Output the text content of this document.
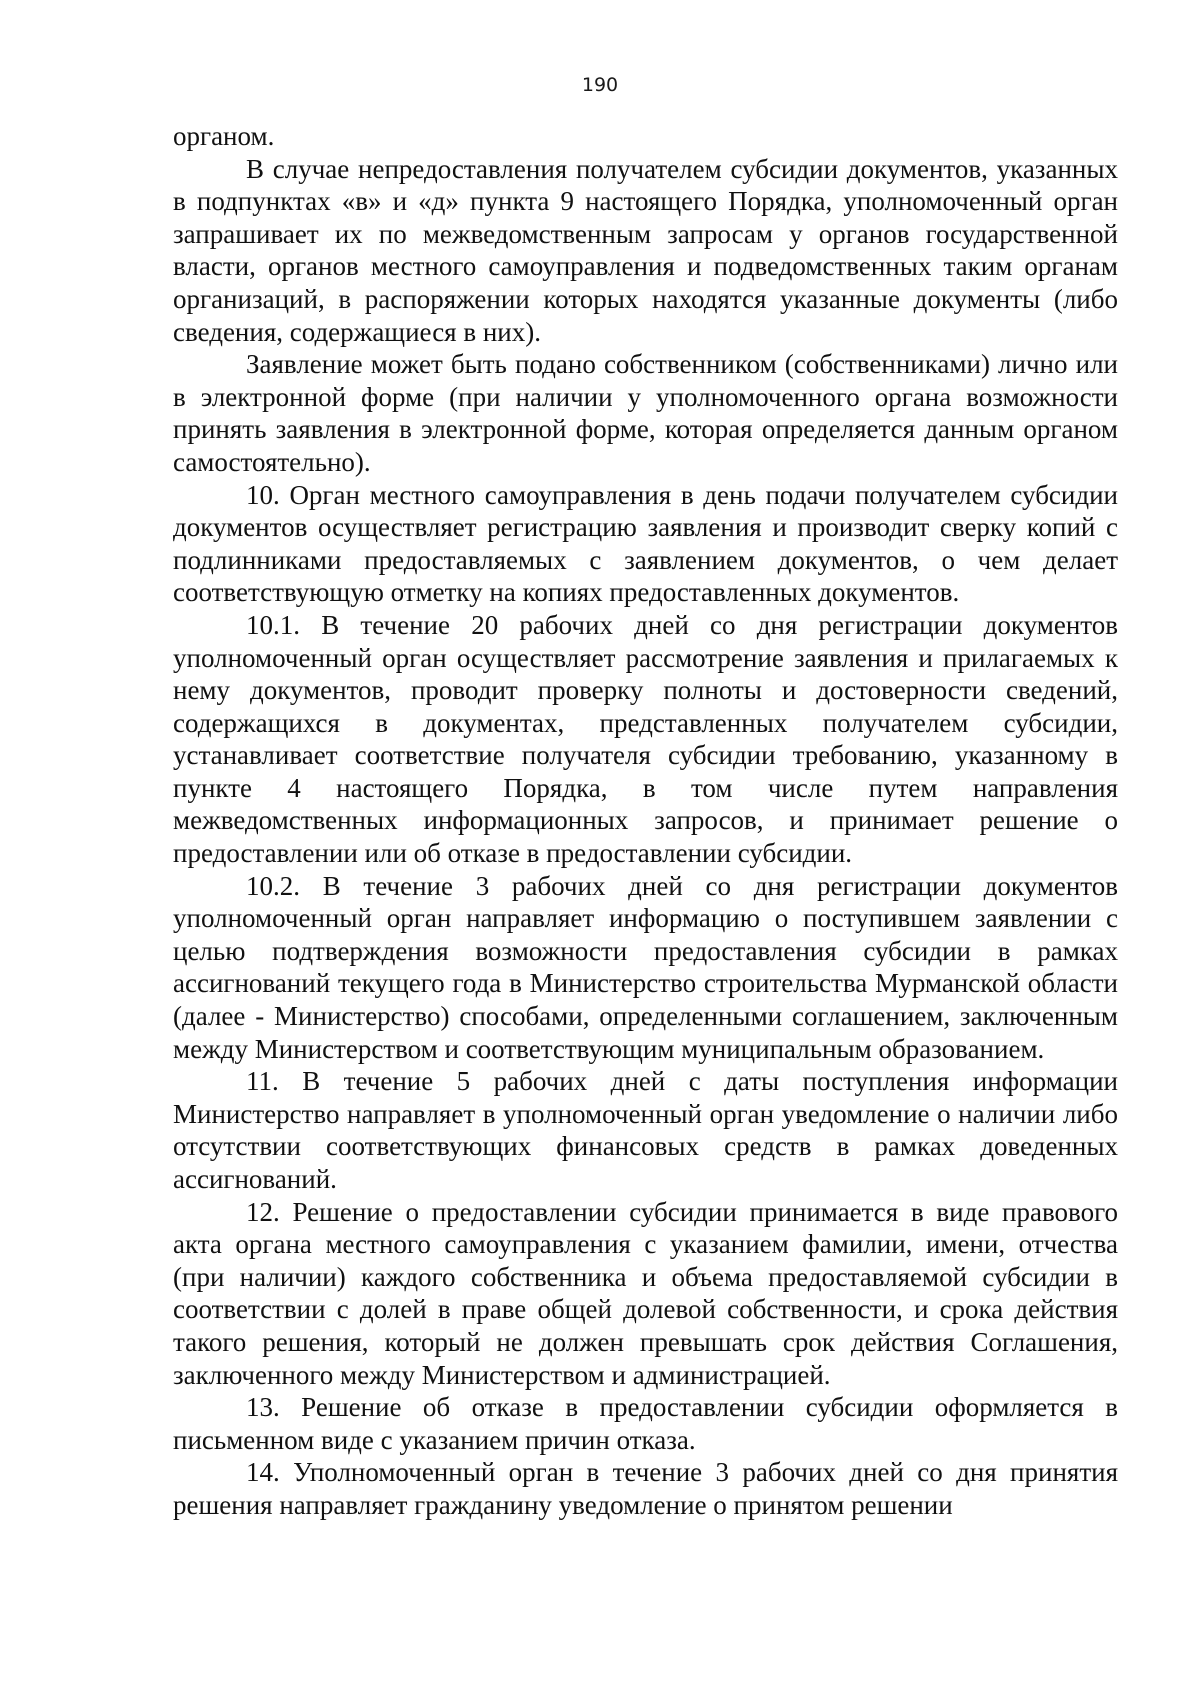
190

органом.

В случае непредоставления получателем субсидии документов, указанных в подпунктах «в» и «д» пункта 9 настоящего Порядка, уполномоченный орган запрашивает их по межведомственным запросам у органов государственной власти, органов местного самоуправления и подведомственных таким органам организаций, в распоряжении которых находятся указанные документы (либо сведения, содержащиеся в них).

Заявление может быть подано собственником (собственниками) лично или в электронной форме (при наличии у уполномоченного органа возможности принять заявления в электронной форме, которая определяется данным органом самостоятельно).

10. Орган местного самоуправления в день подачи получателем субсидии документов осуществляет регистрацию заявления и производит сверку копий с подлинниками предоставляемых с заявлением документов, о чем делает соответствующую отметку на копиях предоставленных документов.

10.1. В течение 20 рабочих дней со дня регистрации документов уполномоченный орган осуществляет рассмотрение заявления и прилагаемых к нему документов, проводит проверку полноты и достоверности сведений, содержащихся в документах, представленных получателем субсидии, устанавливает соответствие получателя субсидии требованию, указанному в пункте 4 настоящего Порядка, в том числе путем направления межведомственных информационных запросов, и принимает решение о предоставлении или об отказе в предоставлении субсидии.

10.2. В течение 3 рабочих дней со дня регистрации документов уполномоченный орган направляет информацию о поступившем заявлении с целью подтверждения возможности предоставления субсидии в рамках ассигнований текущего года в Министерство строительства Мурманской области (далее - Министерство) способами, определенными соглашением, заключенным между Министерством и соответствующим муниципальным образованием.

11. В течение 5 рабочих дней с даты поступления информации Министерство направляет в уполномоченный орган уведомление о наличии либо отсутствии соответствующих финансовых средств в рамках доведенных ассигнований.

12. Решение о предоставлении субсидии принимается в виде правового акта органа местного самоуправления с указанием фамилии, имени, отчества (при наличии) каждого собственника и объема предоставляемой субсидии в соответствии с долей в праве общей долевой собственности, и срока действия такого решения, который не должен превышать срок действия Соглашения, заключенного между Министерством и администрацией.

13. Решение об отказе в предоставлении субсидии оформляется в письменном виде с указанием причин отказа.

14. Уполномоченный орган в течение 3 рабочих дней со дня принятия решения направляет гражданину уведомление о принятом решении
